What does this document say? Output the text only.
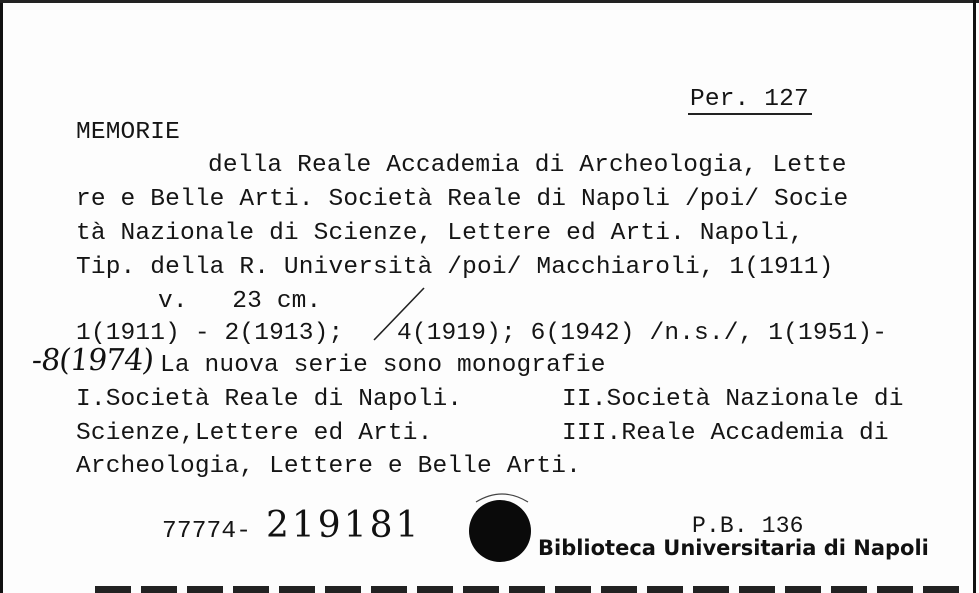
Per. 127
MEMORIE
della Reale Accademia di Archeologia, Lette
re e Belle Arti. Società Reale di Napoli /poi/ Socie
tà Nazionale di Scienze, Lettere ed Arti. Napoli,
Tip. della R. Università /poi/ Macchiaroli, 1(1911)
v.   23 cm.
1(1911) - 2(1913); 4(1919); 6(1942) /n.s./, 1(1951)-
-8(1974) La nuova serie sono monografie
I.Società Reale di Napoli.	II.Società Nazionale di
Scienze,Lettere ed Arti.	III.Reale Accademia di
Archeologia, Lettere e Belle Arti.
77774- 219181	P.B. 136
Biblioteca Universitaria di Napoli
